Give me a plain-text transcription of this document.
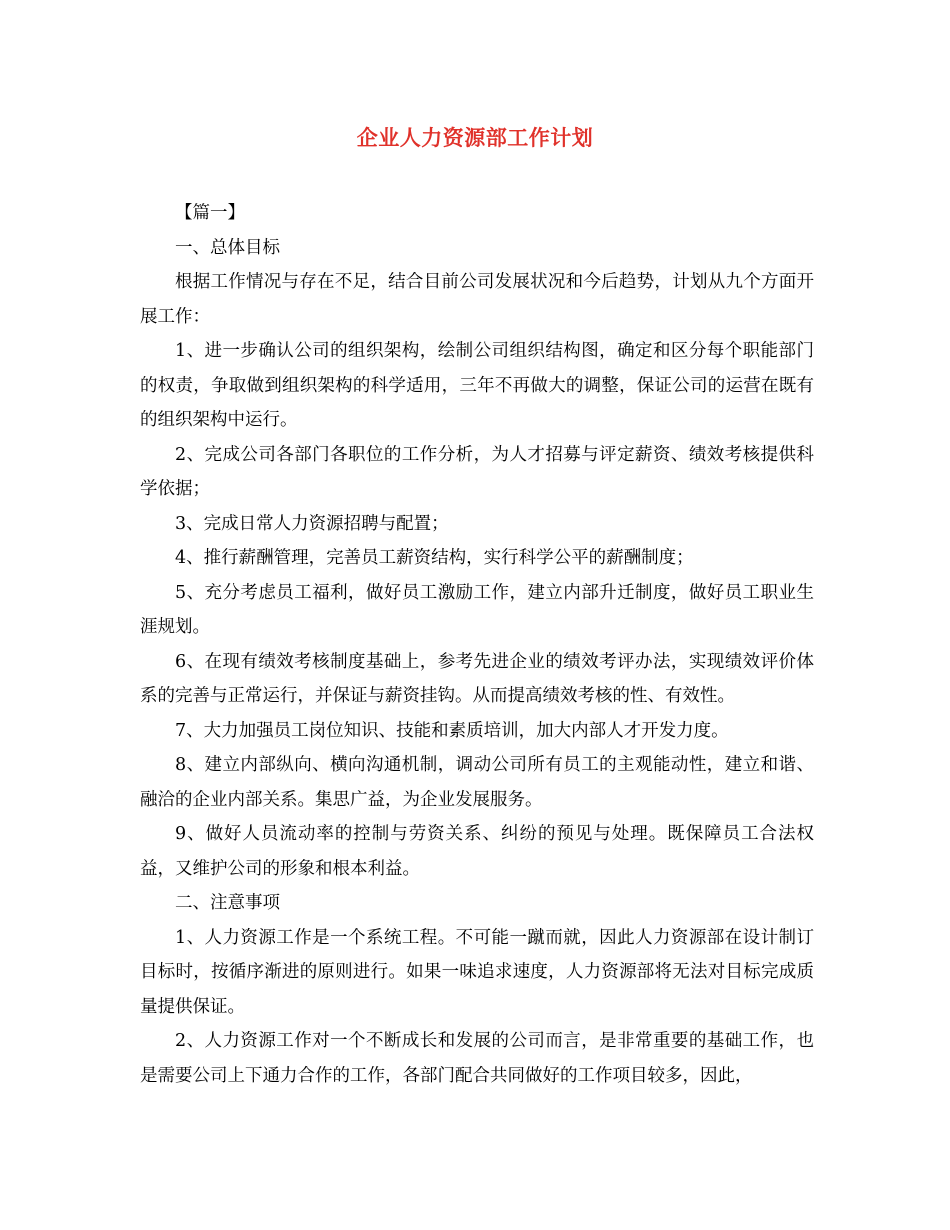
企业人力资源部工作计划

【篇一】

一、总体目标

根据工作情况与存在不足，结合目前公司发展状况和今后趋势，计划从九个方面开展工作：

1、进一步确认公司的组织架构，绘制公司组织结构图，确定和区分每个职能部门的权责，争取做到组织架构的科学适用，三年不再做大的调整，保证公司的运营在既有的组织架构中运行。

2、完成公司各部门各职位的工作分析，为人才招募与评定薪资、绩效考核提供科学依据；

3、完成日常人力资源招聘与配置；

4、推行薪酬管理，完善员工薪资结构，实行科学公平的薪酬制度；

5、充分考虑员工福利，做好员工激励工作，建立内部升迁制度，做好员工职业生涯规划。

6、在现有绩效考核制度基础上，参考先进企业的绩效考评办法，实现绩效评价体系的完善与正常运行，并保证与薪资挂钩。从而提高绩效考核的性、有效性。

7、大力加强员工岗位知识、技能和素质培训，加大内部人才开发力度。

8、建立内部纵向、横向沟通机制，调动公司所有员工的主观能动性，建立和谐、融洽的企业内部关系。集思广益，为企业发展服务。

9、做好人员流动率的控制与劳资关系、纠纷的预见与处理。既保障员工合法权益，又维护公司的形象和根本利益。

二、注意事项

1、人力资源工作是一个系统工程。不可能一蹴而就，因此人力资源部在设计制订目标时，按循序渐进的原则进行。如果一味追求速度，人力资源部将无法对目标完成质量提供保证。

2、人力资源工作对一个不断成长和发展的公司而言，是非常重要的基础工作，也是需要公司上下通力合作的工作，各部门配合共同做好的工作项目较多，因此，
